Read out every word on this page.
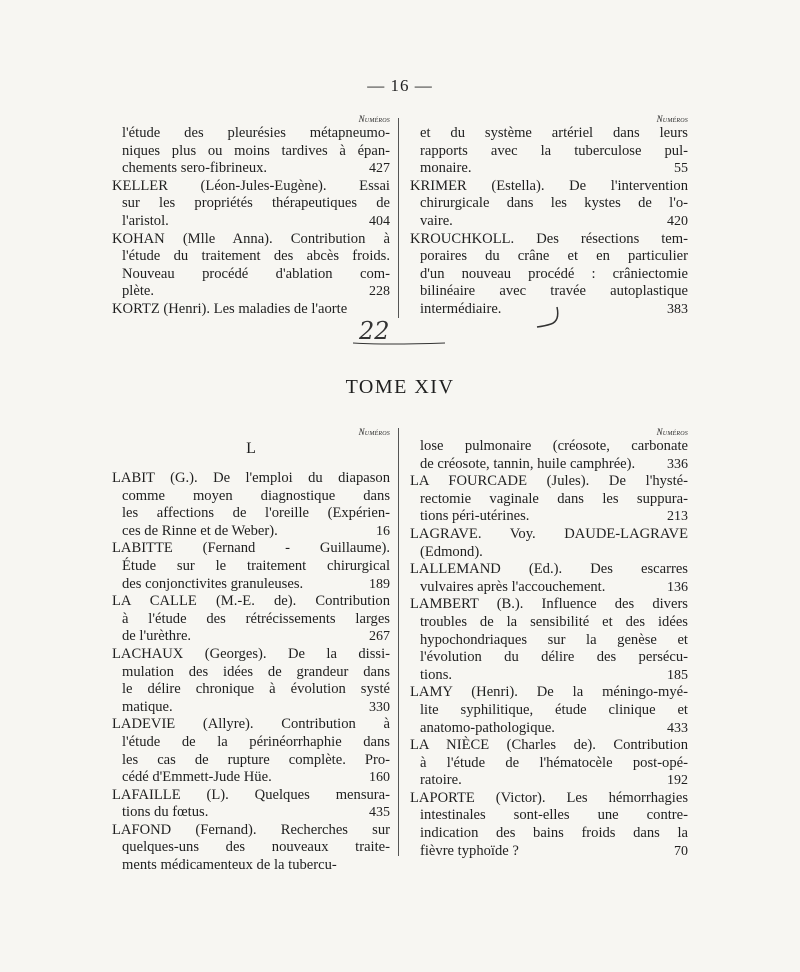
— 16 —
Numéros
l'étude des pleurésies métapneumo-
niques plus ou moins tardives à épan-
chements sero-fibrineux.	427
KELLER (Léon-Jules-Eugène). Essai
sur les propriétés thérapeutiques de
l'aristol.	404
KOHAN (Mlle Anna). Contribution à
l'étude du traitement des abcès froids.
Nouveau procédé d'ablation com-
plète.	228
KORTZ (Henri). Les maladies de l'aorte
Numéros
et du système artériel dans leurs
rapports avec la tuberculose pul-
monaire.	55
KRIMER (Estella). De l'intervention
chirurgicale dans les kystes de l'o-
vaire.	420
KROUCHKOLL. Des résections tem-
poraires du crâne et en particulier
d'un nouveau procédé : crâniectomie
bilinéaire avec travée autoplastique
intermédiaire.	383
22
TOME XIV
Numéros
L
LABIT (G.). De l'emploi du diapason
comme moyen diagnostique dans
les affections de l'oreille (Expérien-
ces de Rinne et de Weber).	16
LABITTE (Fernand - Guillaume).
Étude sur le traitement chirurgical
des conjonctivites granuleuses.	189
LA CALLE (M.-E. de). Contribution
à l'étude des rétrécissements larges
de l'urèthre.	267
LACHAUX (Georges). De la dissi-
mulation des idées de grandeur dans
le délire chronique à évolution systé
matique.	330
LADEVIE (Allyre). Contribution à
l'étude de la périnéorrhaphie dans
les cas de rupture complète. Pro-
cédé d'Emmett-Jude Hüe.	160
LAFAILLE (L). Quelques mensura-
tions du fœtus.	435
LAFOND (Fernand). Recherches sur
quelques-uns des nouveaux traite-
ments médicamenteux de la tubercu-
Numéros
lose pulmonaire (créosote, carbonate
de créosote, tannin, huile camphrée). 336
LA FOURCADE (Jules). De l'hysté-
rectomie vaginale dans les suppura-
tions péri-utérines.	213
LAGRAVE. Voy. DAUDE-LAGRAVE
(Edmond).
LALLEMAND (Ed.). Des escarres
vulvaires après l'accouchement.	136
LAMBERT (B.). Influence des divers
troubles de la sensibilité et des idées
hypochondriaques sur la genèse et
l'évolution du délire des persécu-
tions.	185
LAMY (Henri). De la méningo-myé-
lite syphilitique, étude clinique et
anatomo-pathologique.	433
LA NIÈCE (Charles de). Contribution
à l'étude de l'hématocèle post-opé-
ratoire.	192
LAPORTE (Victor). Les hémorrhagies
intestinales sont-elles une contre-
indication des bains froids dans la
fièvre typhoïde ?	70
